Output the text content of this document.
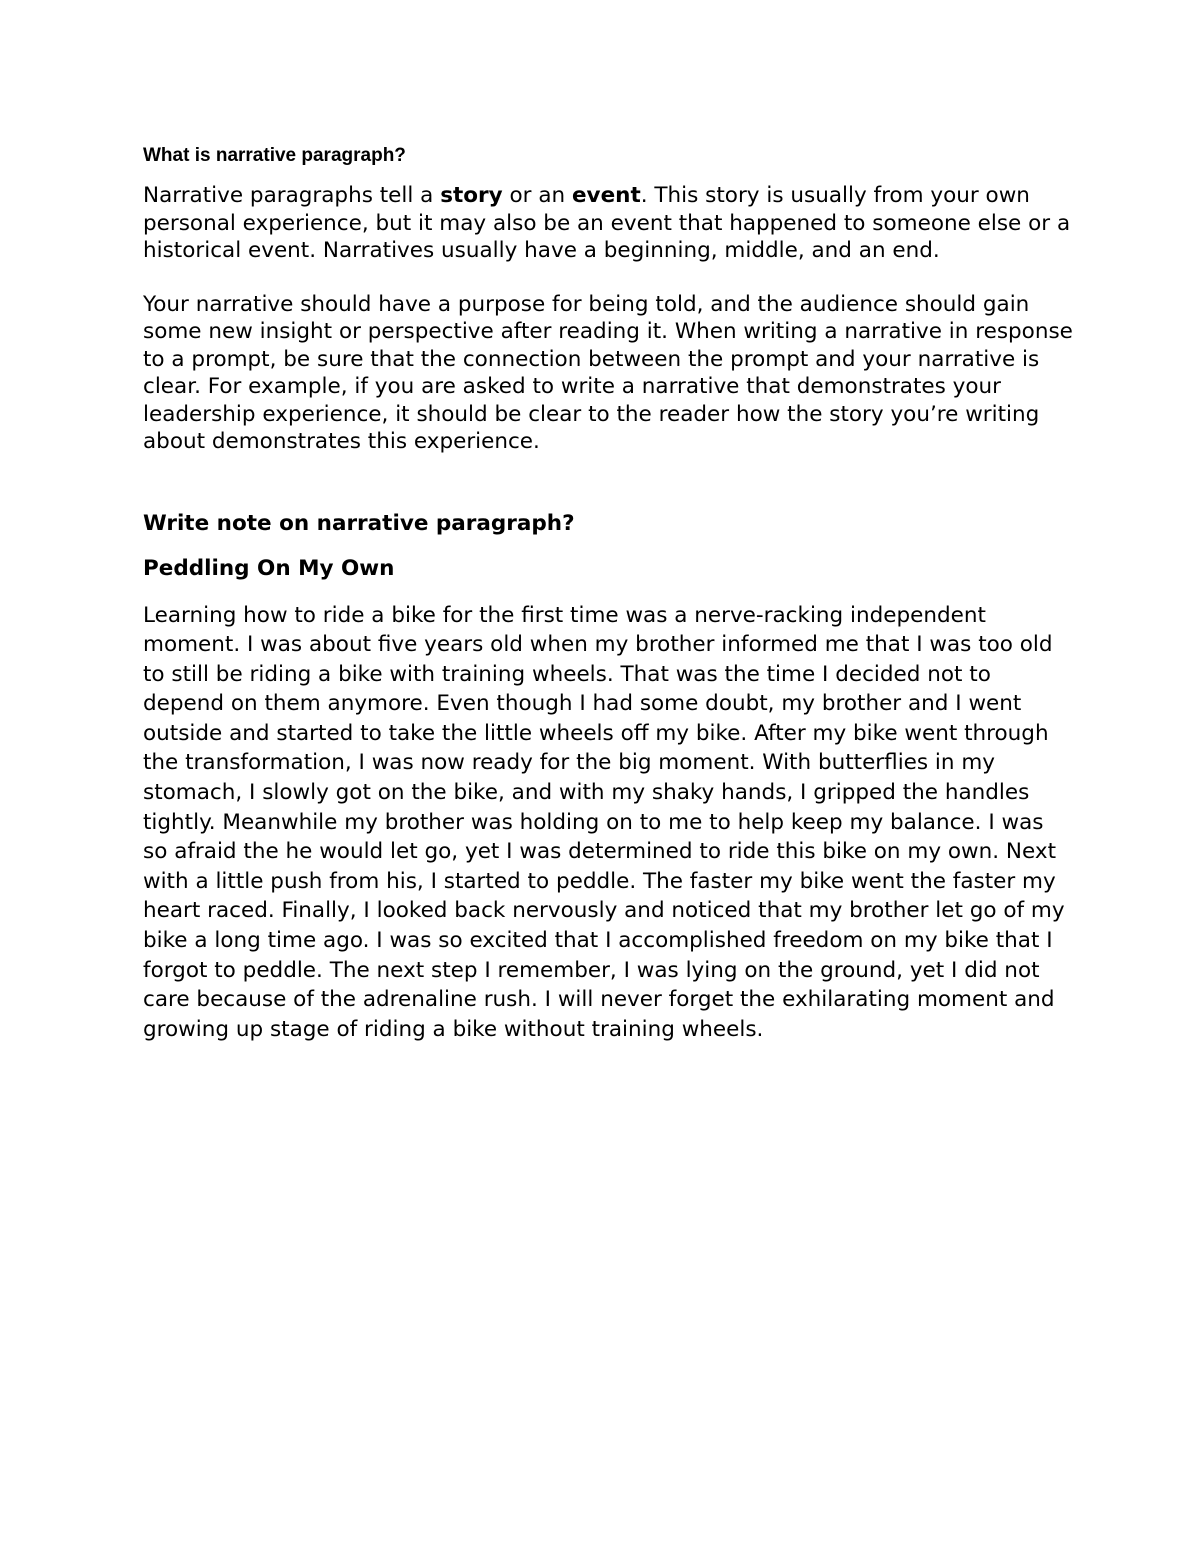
What is narrative paragraph?

Narrative paragraphs tell a story or an event. This story is usually from your own personal experience, but it may also be an event that happened to someone else or a historical event. Narratives usually have a beginning, middle, and an end.

Your narrative should have a purpose for being told, and the audience should gain some new insight or perspective after reading it. When writing a narrative in response to a prompt, be sure that the connection between the prompt and your narrative is clear. For example, if you are asked to write a narrative that demonstrates your leadership experience, it should be clear to the reader how the story you’re writing about demonstrates this experience.

Write note on narrative paragraph?
Peddling On My Own

Learning how to ride a bike for the first time was a nerve-racking independent moment. I was about five years old when my brother informed me that I was too old to still be riding a bike with training wheels. That was the time I decided not to depend on them anymore. Even though I had some doubt, my brother and I went outside and started to take the little wheels off my bike. After my bike went through the transformation, I was now ready for the big moment. With butterflies in my stomach, I slowly got on the bike, and with my shaky hands, I gripped the handles tightly. Meanwhile my brother was holding on to me to help keep my balance. I was so afraid the he would let go, yet I was determined to ride this bike on my own. Next with a little push from his, I started to peddle. The faster my bike went the faster my heart raced. Finally, I looked back nervously and noticed that my brother let go of my bike a long time ago. I was so excited that I accomplished freedom on my bike that I forgot to peddle. The next step I remember, I was lying on the ground, yet I did not care because of the adrenaline rush. I will never forget the exhilarating moment and growing up stage of riding a bike without training wheels.
